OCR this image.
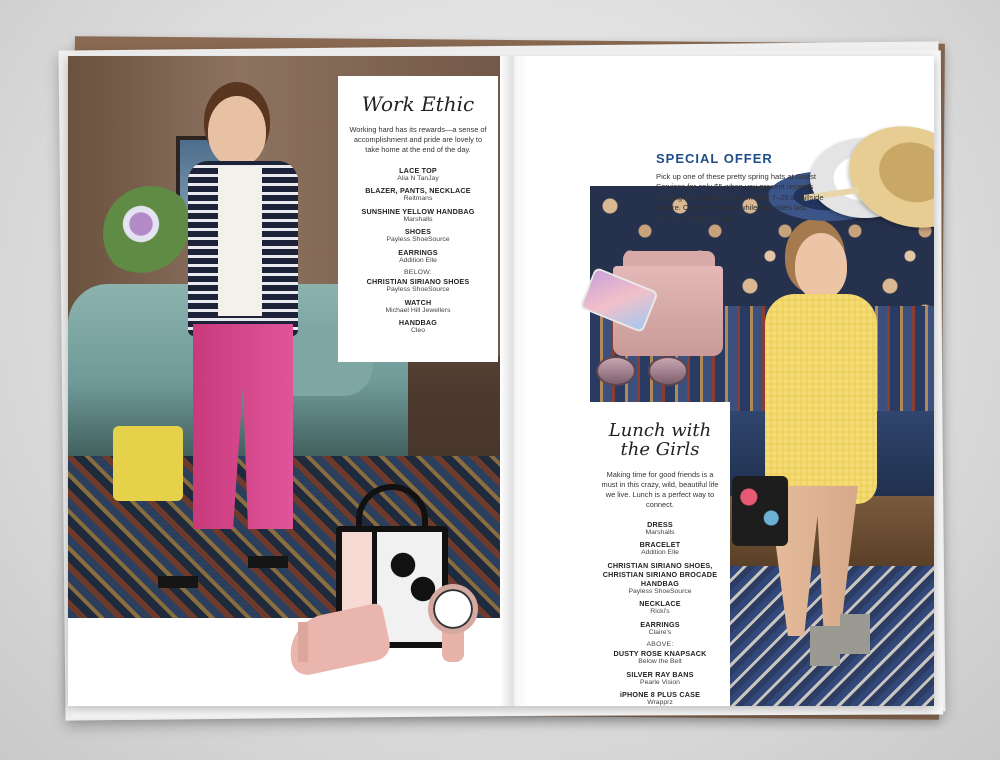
Work Ethic
Working hard has its rewards—a sense of accomplishment and pride are lovely to take home at the end of the day.
LACE TOP
Alia N TanJay
BLAZER, PANTS, NECKLACE
Reitmans
SUNSHINE YELLOW HANDBAG
Marshalls
SHOES
Payless ShoeSource
EARRINGS
Addition Elle
BELOW:
CHRISTIAN SIRIANO SHOES
Payless ShoeSource
WATCH
Michael Hill Jewellers
HANDBAG
Cleo
SPECIAL OFFER
Pick up one of these pretty spring hats at Guest Services for only $5 when you present receipts totalling $150 spent between April 7–29 at Hillside Centre. One per person, while quantities last. Excludes Thrifty Foods.
Lunch with the Girls
Making time for good friends is a must in this crazy, wild, beautiful life we live. Lunch is a perfect way to connect.
DRESS
Marshalls
BRACELET
Addition Elle
CHRISTIAN SIRIANO SHOES, CHRISTIAN SIRIANO BROCADE HANDBAG
Payless ShoeSource
NECKLACE
Ricki's
EARRINGS
Claire's
ABOVE:
DUSTY ROSE KNAPSACK
Below the Belt
SILVER RAY BANS
Pearle Vision
iPHONE 8 PLUS CASE
Wrapprz
